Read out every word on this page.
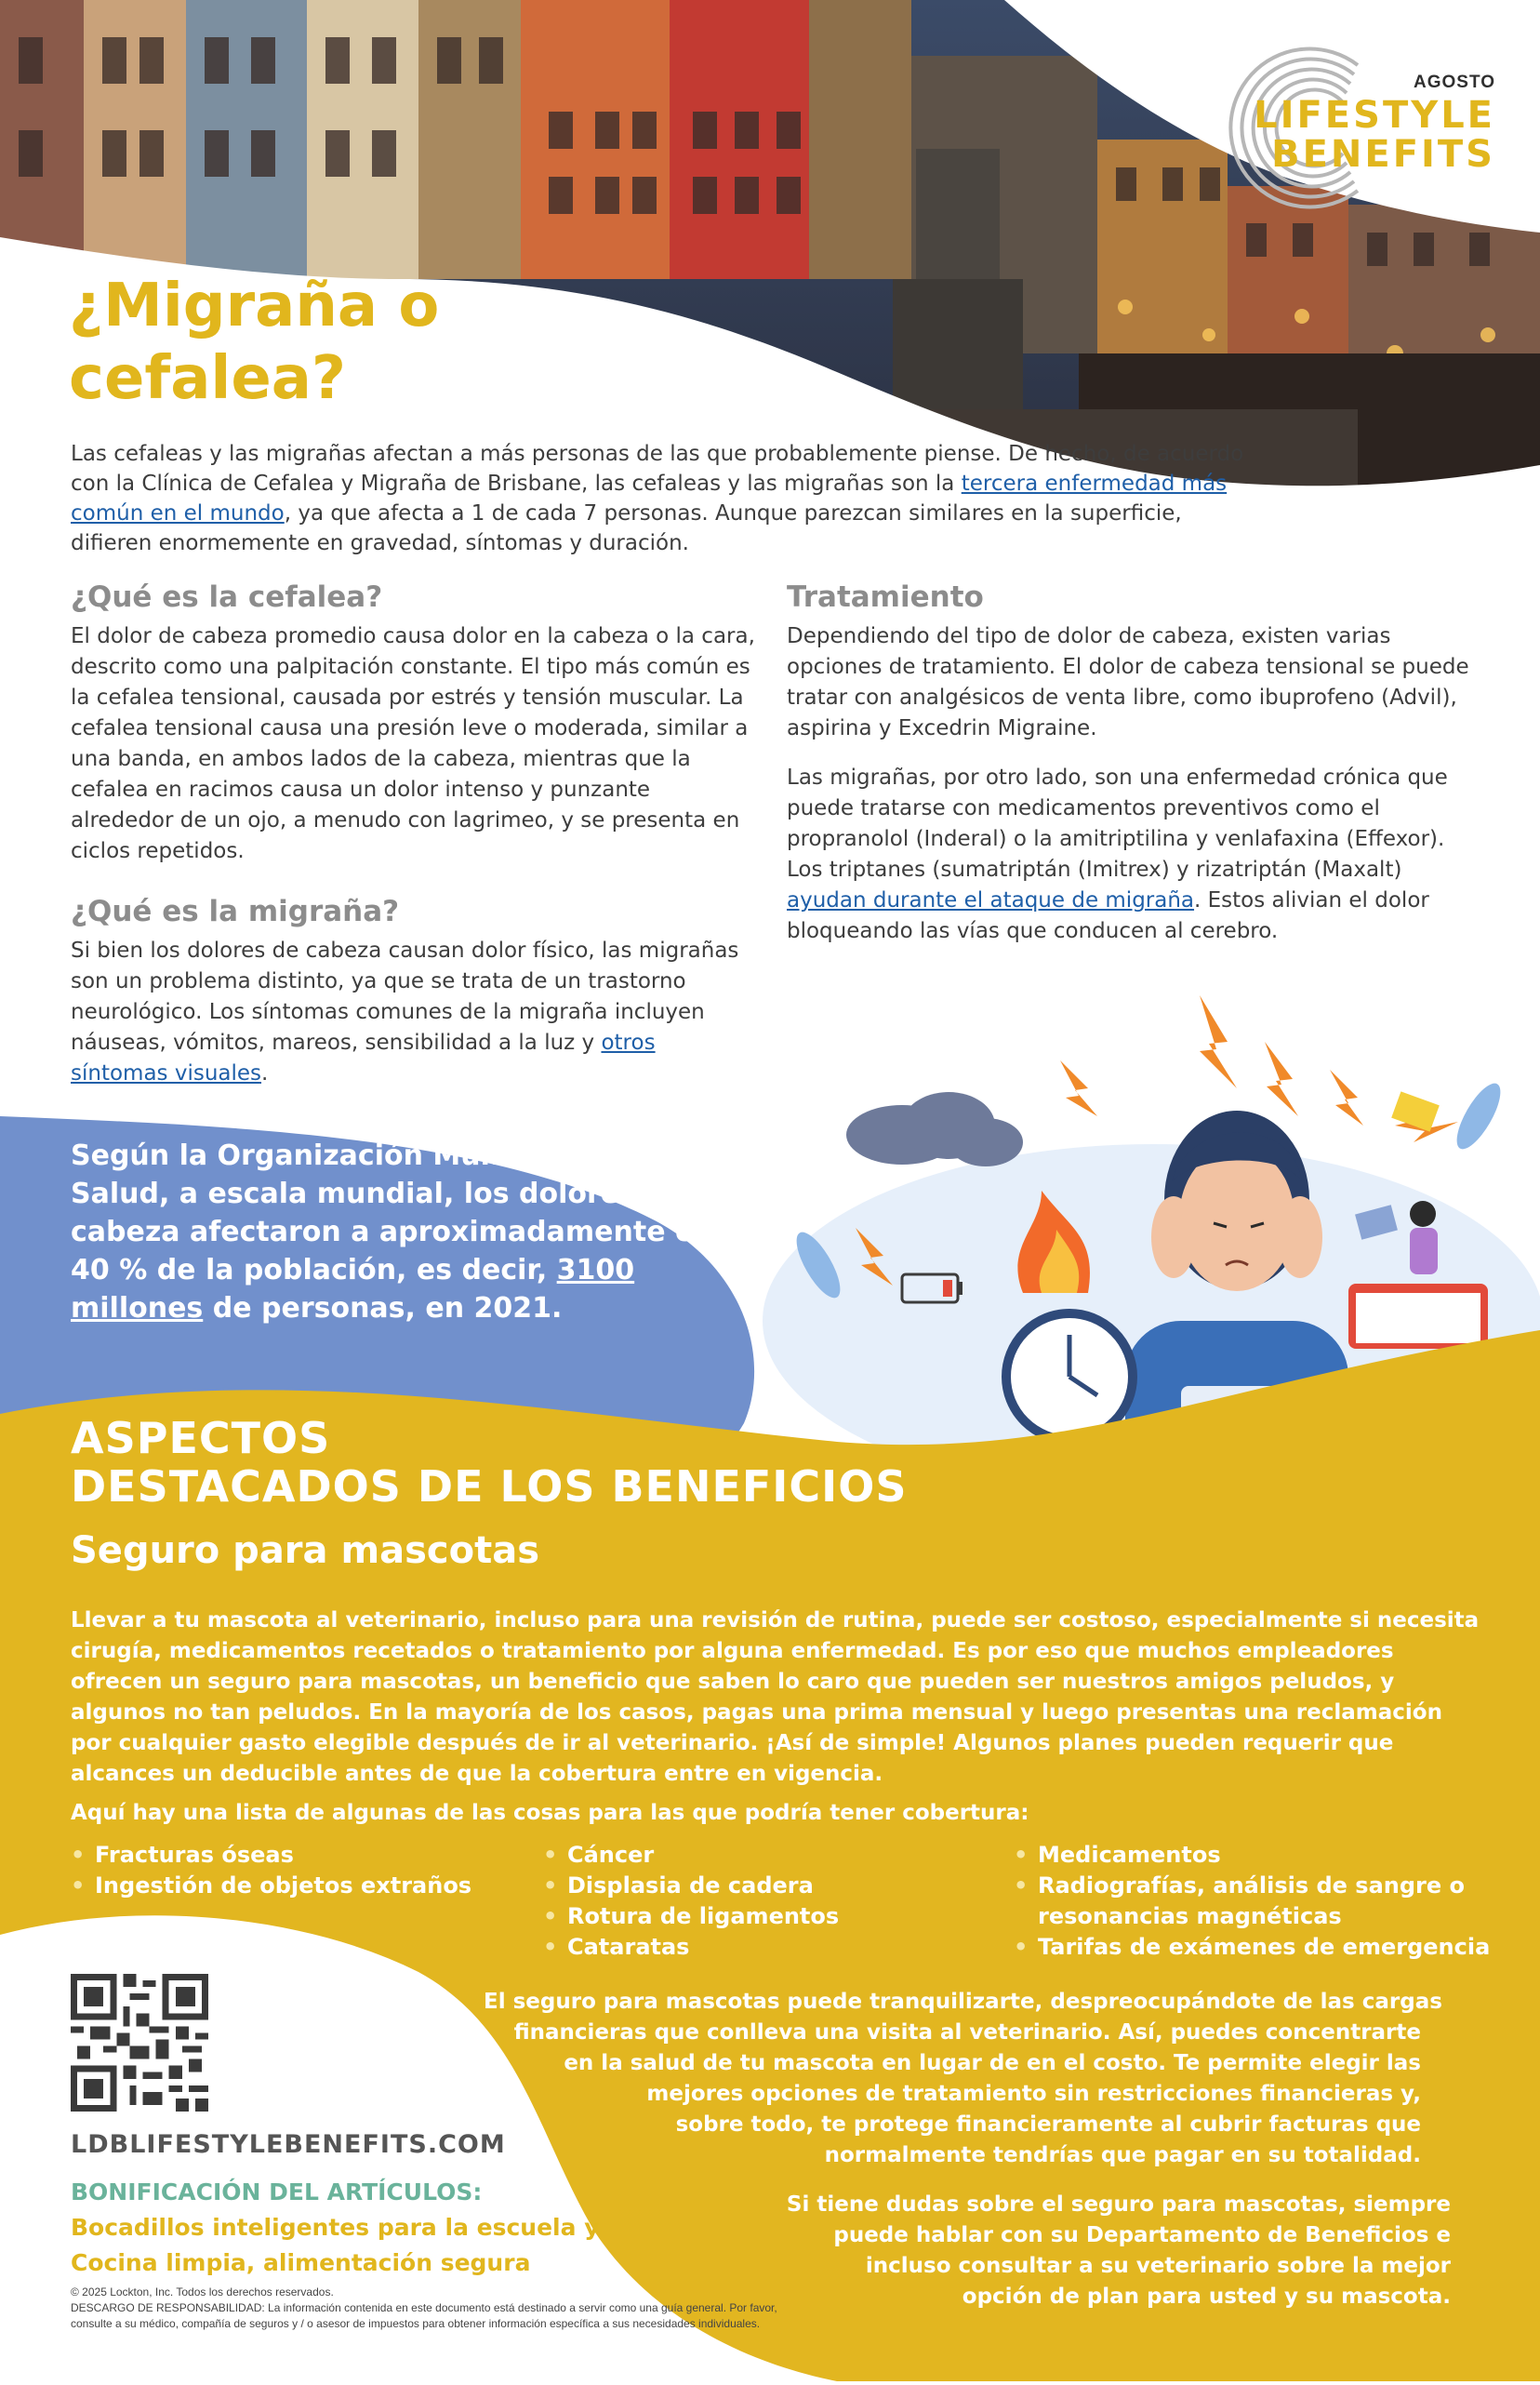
AGOSTO
LIFESTYLE
BENEFITS
¿Migraña o cefalea?
Las cefaleas y las migrañas afectan a más personas de las que probablemente piense. De hecho, de acuerdo con la Clínica de Cefalea y Migraña de Brisbane, las cefaleas y las migrañas son la tercera enfermedad más común en el mundo, ya que afecta a 1 de cada 7 personas. Aunque parezcan similares en la superficie, difieren enormemente en gravedad, síntomas y duración.
¿Qué es la cefalea?
El dolor de cabeza promedio causa dolor en la cabeza o la cara, descrito como una palpitación constante. El tipo más común es la cefalea tensional, causada por estrés y tensión muscular. La cefalea tensional causa una presión leve o moderada, similar a una banda, en ambos lados de la cabeza, mientras que la cefalea en racimos causa un dolor intenso y punzante alrededor de un ojo, a menudo con lagrimeo, y se presenta en ciclos repetidos.
¿Qué es la migraña?
Si bien los dolores de cabeza causan dolor físico, las migrañas son un problema distinto, ya que se trata de un trastorno neurológico. Los síntomas comunes de la migraña incluyen náuseas, vómitos, mareos, sensibilidad a la luz y otros síntomas visuales.
Tratamiento

Dependiendo del tipo de dolor de cabeza, existen varias opciones de tratamiento. El dolor de cabeza tensional se puede tratar con analgésicos de venta libre, como ibuprofeno (Advil), aspirina y Excedrin Migraine.

Las migrañas, por otro lado, son una enfermedad crónica que puede tratarse con medicamentos preventivos como el propranolol (Inderal) o la amitriptilina y venlafaxina (Effexor). Los triptanes (sumatriptán (Imitrex) y rizatriptán (Maxalt) ayudan durante el ataque de migraña. Estos alivian el dolor bloqueando las vías que conducen al cerebro.

Según la Organización Mundial de la Salud, a escala mundial, los dolores de cabeza afectaron a aproximadamente el 40 % de la población, es decir, 3100 millones de personas, en 2021.
ASPECTOS
DESTACADOS DE LOS BENEFICIOS
Seguro para mascotas
Llevar a tu mascota al veterinario, incluso para una revisión de rutina, puede ser costoso, especialmente si necesita cirugía, medicamentos recetados o tratamiento por alguna enfermedad. Es por eso que muchos empleadores ofrecen un seguro para mascotas, un beneficio que saben lo caro que pueden ser nuestros amigos peludos, y algunos no tan peludos. En la mayoría de los casos, pagas una prima mensual y luego presentas una reclamación por cualquier gasto elegible después de ir al veterinario. ¡Así de simple! Algunos planes pueden requerir que alcances un deducible antes de que la cobertura entre en vigencia.
Aquí hay una lista de algunas de las cosas para las que podría tener cobertura:
• Fracturas óseas
• Ingestión de objetos extraños
• Cáncer
• Displasia de cadera
• Rotura de ligamentos
• Cataratas
• Medicamentos
• Radiografías, análisis de sangre o resonancias magnéticas
• Tarifas de exámenes de emergencia
LDBLIFESTYLEBENEFITS.COM
BONIFICACIÓN DEL ARTÍCULOS:
Bocadillos inteligentes para la escuela y Cocina limpia, alimentación segura
© 2025 Lockton, Inc. Todos los derechos reservados.
DESCARGO DE RESPONSABILIDAD: La información contenida en este documento está destinado a servir como una guía general. Por favor, consulte a su médico, compañía de seguros y / o asesor de impuestos para obtener información específica a sus necesidades individuales.
El seguro para mascotas puede tranquilizarte, despreocupándote de las cargas
financieras que conlleva una visita al veterinario. Así, puedes concentrarte
en la salud de tu mascota en lugar de en el costo. Te permite elegir las
mejores opciones de tratamiento sin restricciones financieras y,
sobre todo, te protege financieramente al cubrir facturas que
normalmente tendrías que pagar en su totalidad.
Si tiene dudas sobre el seguro para mascotas, siempre
puede hablar con su Departamento de Beneficios e
incluso consultar a su veterinario sobre la mejor
opción de plan para usted y su mascota.
